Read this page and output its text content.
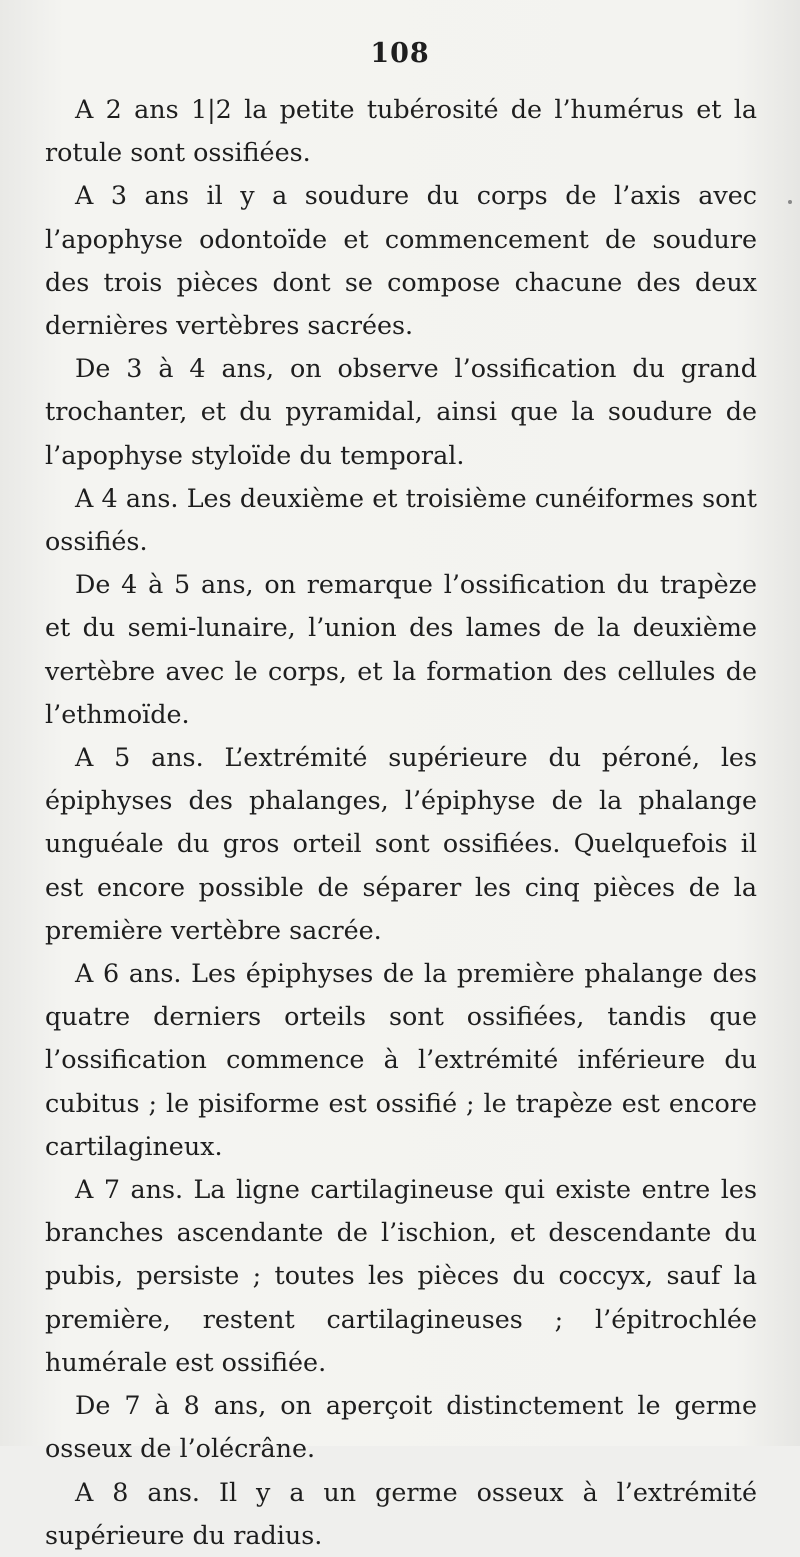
108

A 2 ans 1|2 la petite tubérosité de l’humérus et la rotule sont ossifiées.

A 3 ans il y a soudure du corps de l’axis avec l’apophyse odontoïde et commencement de soudure des trois pièces dont se compose chacune des deux dernières vertèbres sacrées.

De 3 à 4 ans, on observe l’ossification du grand trochanter, et du pyramidal, ainsi que la soudure de l’apophyse styloïde du temporal.

A 4 ans. Les deuxième et troisième cunéiformes sont ossifiés.

De 4 à 5 ans, on remarque l’ossification du trapèze et du semi-lunaire, l’union des lames de la deuxième vertèbre avec le corps, et la formation des cellules de l’ethmoïde.

A 5 ans. L’extrémité supérieure du péroné, les épiphyses des phalanges, l’épiphyse de la phalange unguéale du gros orteil sont ossifiées. Quelquefois il est encore possible de séparer les cinq pièces de la première vertèbre sacrée.

A 6 ans. Les épiphyses de la première phalange des quatre derniers orteils sont ossifiées, tandis que l’ossification commence à l’extrémité inférieure du cubitus ; le pisiforme est ossifié ; le trapèze est encore cartilagineux.

A 7 ans. La ligne cartilagineuse qui existe entre les branches ascendante de l’ischion, et descendante du pubis, persiste ; toutes les pièces du coccyx, sauf la première, restent cartilagineuses ; l’épitrochlée humérale est ossifiée.

De 7 à 8 ans, on aperçoit distinctement le germe osseux de l’olécrâne.

A 8 ans. Il y a un germe osseux à l’extrémité supérieure du radius.
